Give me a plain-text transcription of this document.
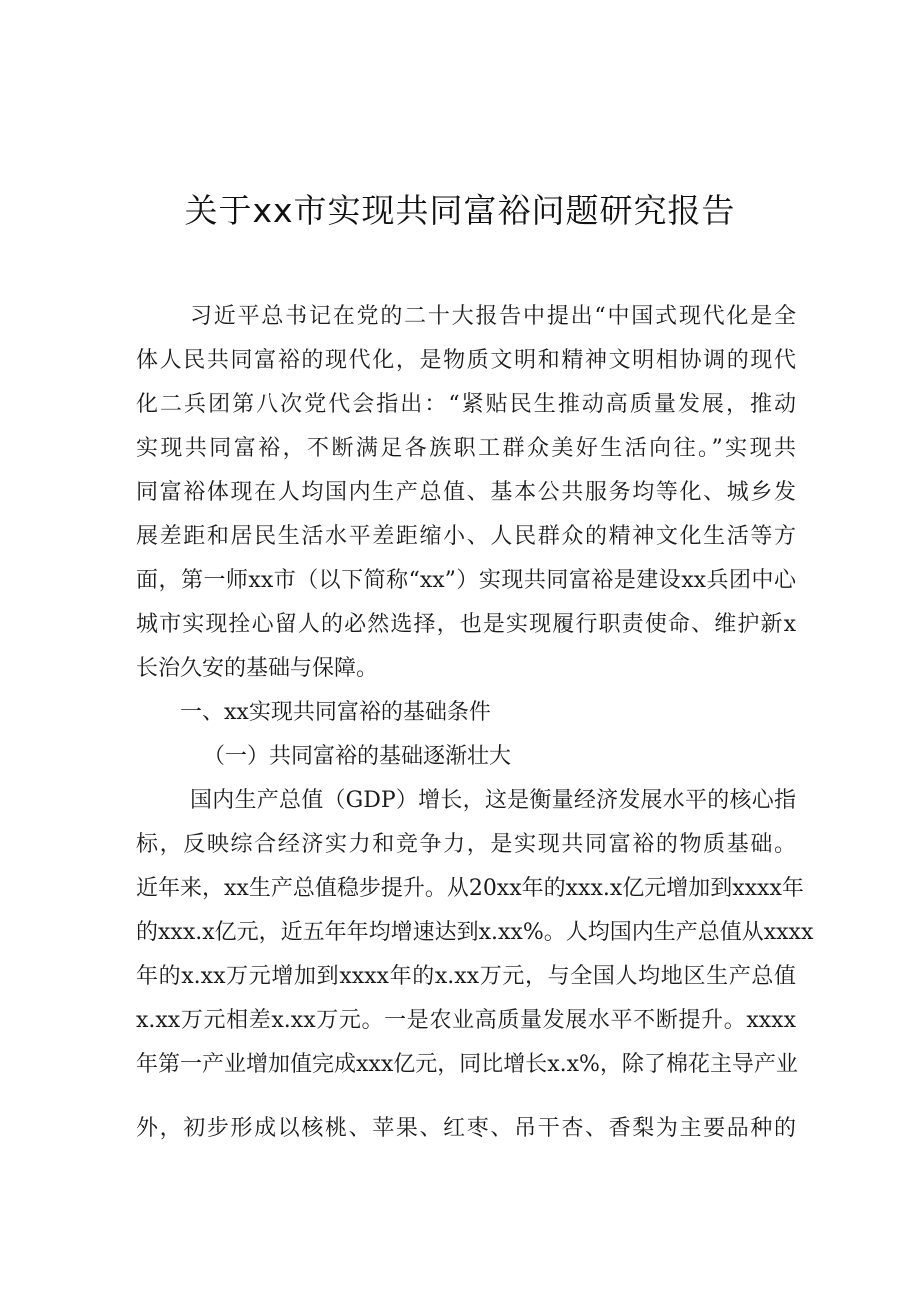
关于xx市实现共同富裕问题研究报告
习近平总书记在党的二十大报告中提出“中国式现代化是全
体人民共同富裕的现代化，是物质文明和精神文明相协调的现代
化二兵团第八次党代会指出：“紧贴民生推动高质量发展，推动
实现共同富裕，不断满足各族职工群众美好生活向往。”实现共
同富裕体现在人均国内生产总值、基本公共服务均等化、城乡发
展差距和居民生活水平差距缩小、人民群众的精神文化生活等方
面，第一师xx市（以下简称“xx”）实现共同富裕是建设xx兵团中心
城市实现拴心留人的必然选择，也是实现履行职责使命、维护新x
长治久安的基础与保障。
一、xx实现共同富裕的基础条件
（一）共同富裕的基础逐渐壮大
国内生产总值（GDP）增长，这是衡量经济发展水平的核心指
标，反映综合经济实力和竞争力，是实现共同富裕的物质基础。
近年来，xx生产总值稳步提升。从20xx年的xxx.x亿元增加到xxxx年
的xxx.x亿元，近五年年均增速达到x.xx%。人均国内生产总值从xxxx
年的x.xx万元增加到xxxx年的x.xx万元，与全国人均地区生产总值
x.xx万元相差x.xx万元。一是农业高质量发展水平不断提升。xxxx
年第一产业增加值完成xxx亿元，同比增长x.x%，除了棉花主导产业
外，初步形成以核桃、苹果、红枣、吊干杏、香梨为主要品种的
